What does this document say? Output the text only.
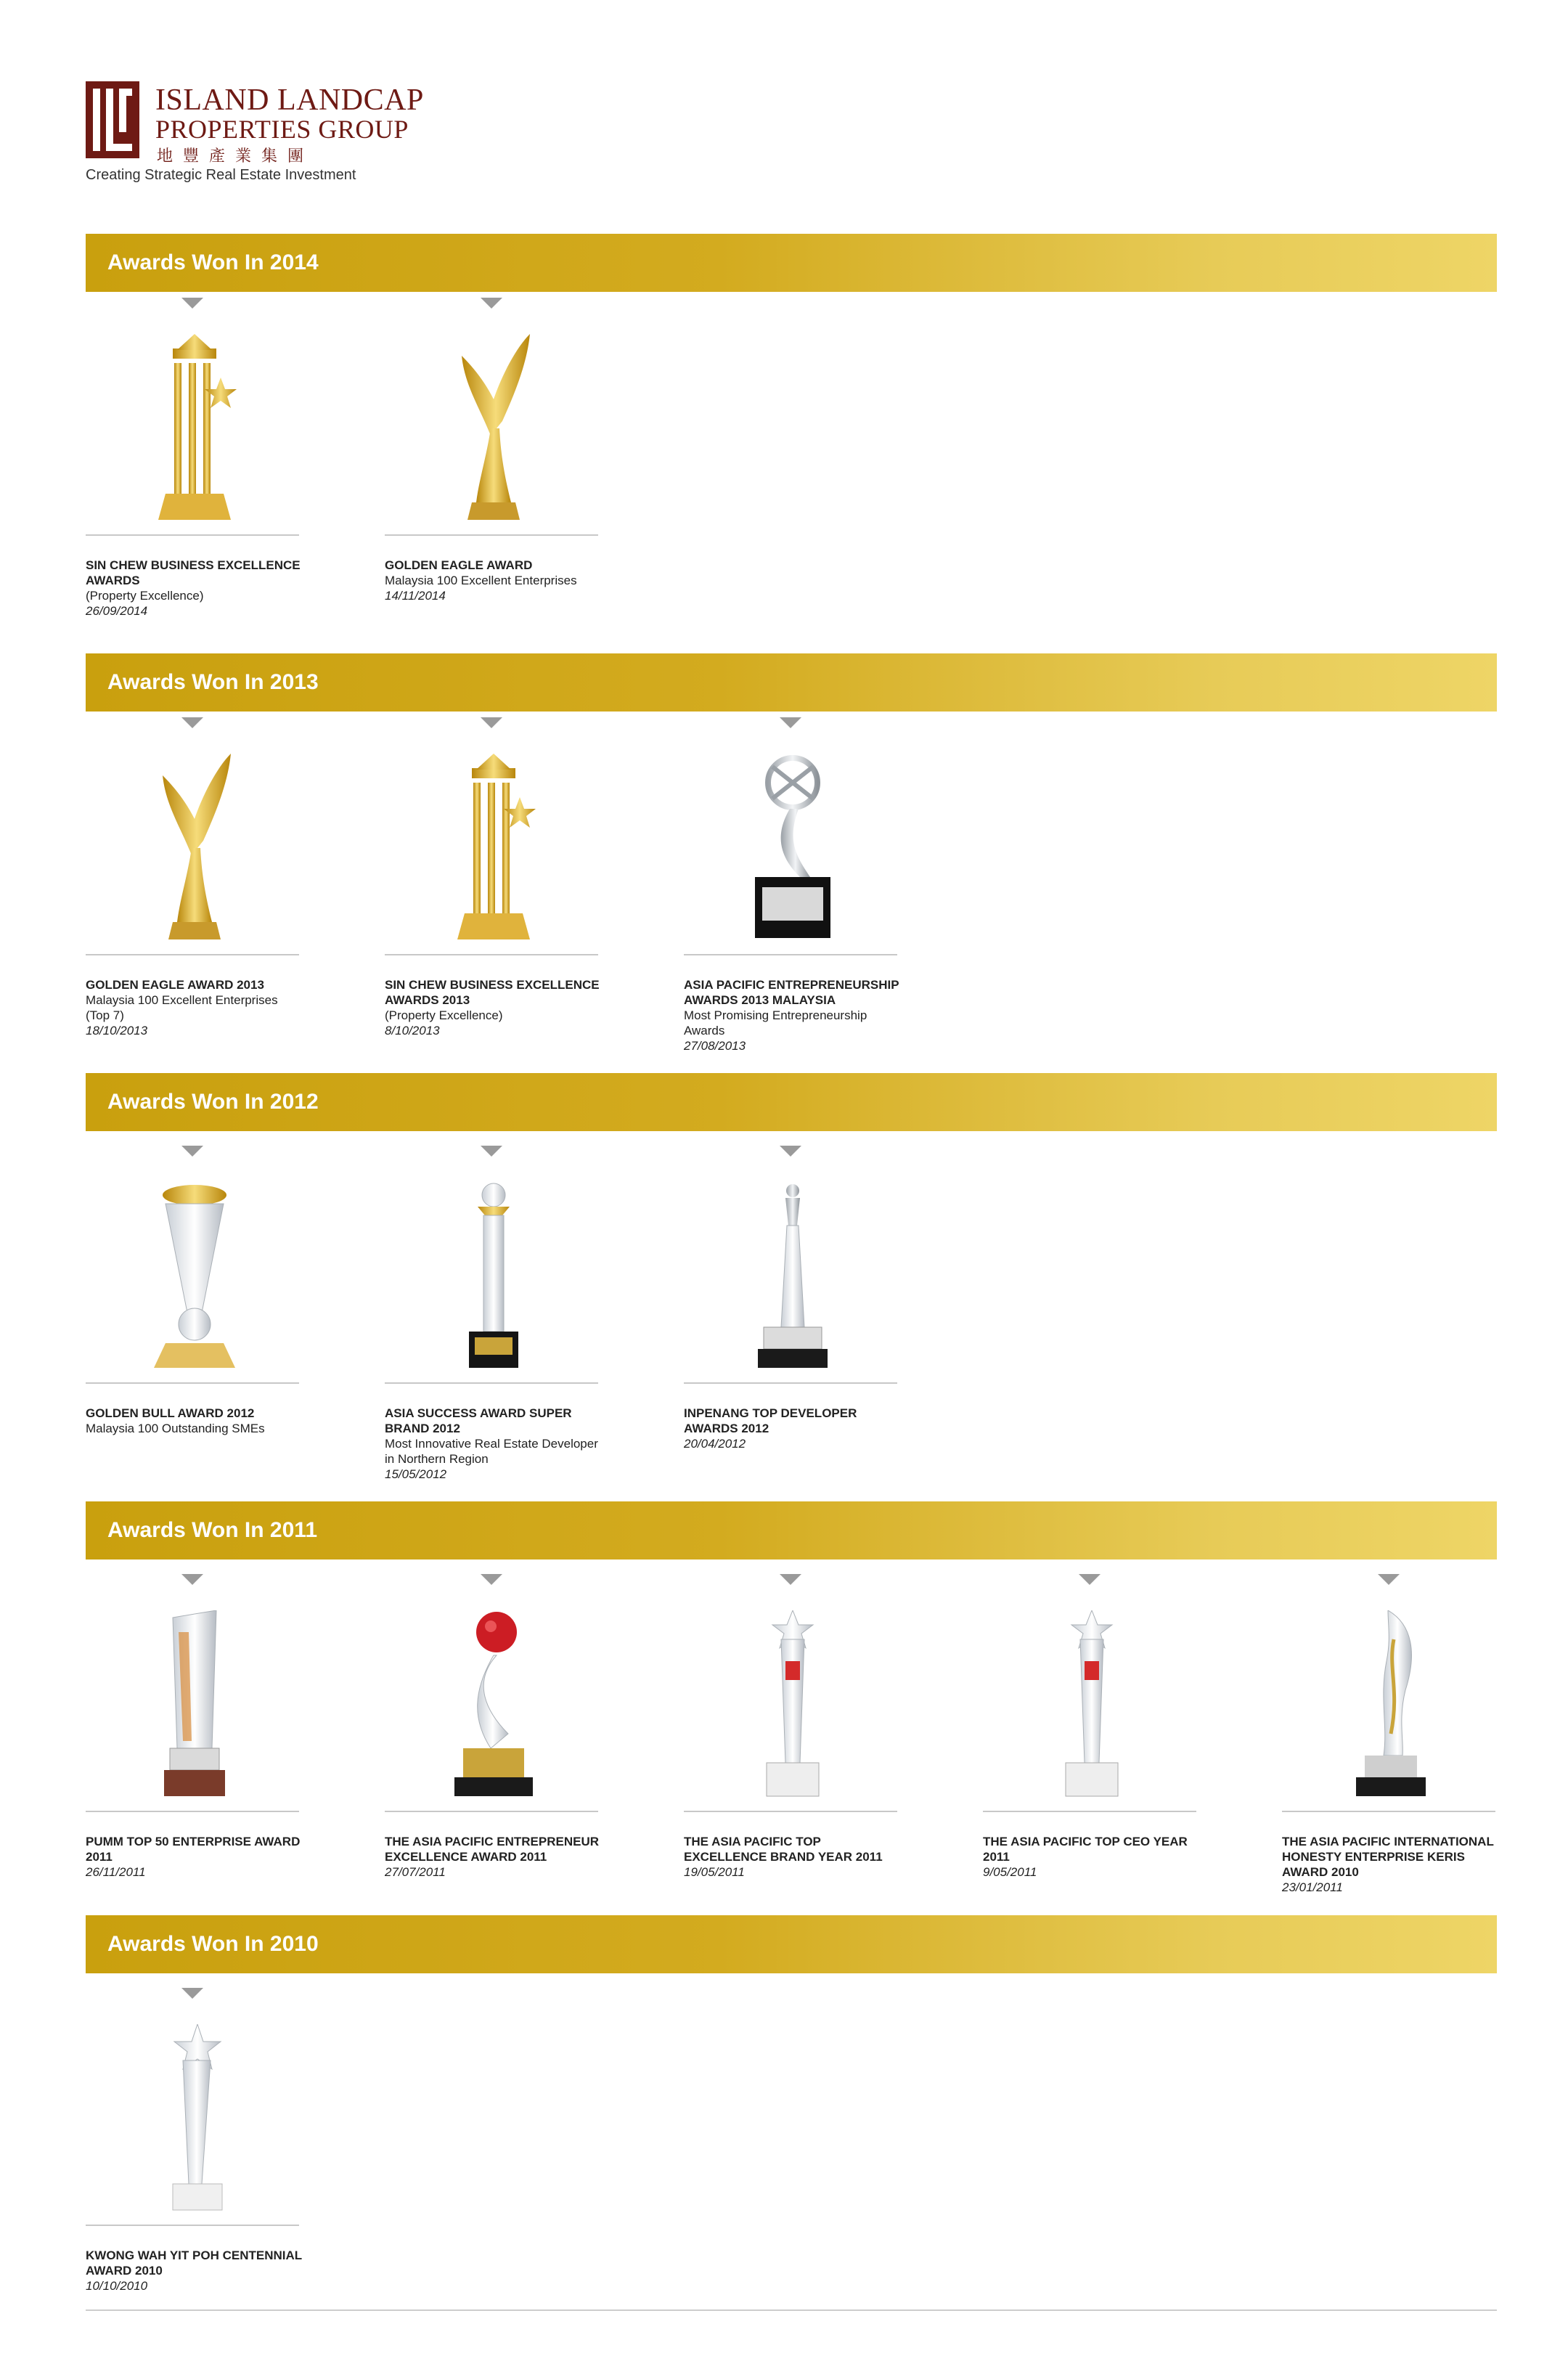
ISLAND LANDCAP
PROPERTIES GROUP
地豐產業集團
Creating Strategic Real Estate Investment
Awards Won In 2014
Awards Won In 2013
Awards Won In 2012
Awards Won In 2011
Awards Won In 2010
SIN CHEW BUSINESS EXCELLENCE AWARDS
(Property Excellence)
26/09/2014
GOLDEN EAGLE AWARD
Malaysia 100 Excellent Enterprises
14/11/2014
GOLDEN EAGLE AWARD 2013
Malaysia 100 Excellent Enterprises (Top 7)
18/10/2013
SIN CHEW BUSINESS EXCELLENCE AWARDS 2013
(Property Excellence)
8/10/2013
ASIA PACIFIC ENTREPRENEURSHIP AWARDS 2013 MALAYSIA
Most Promising Entrepreneurship Awards
27/08/2013
GOLDEN BULL AWARD 2012
Malaysia 100 Outstanding SMEs
ASIA SUCCESS AWARD SUPER BRAND 2012
Most Innovative Real Estate Developer in Northern Region
15/05/2012
INPENANG TOP DEVELOPER AWARDS 2012
20/04/2012
PUMM TOP 50 ENTERPRISE AWARD 2011
26/11/2011
THE ASIA PACIFIC ENTREPRENEUR EXCELLENCE AWARD 2011
27/07/2011
THE ASIA PACIFIC TOP EXCELLENCE BRAND YEAR 2011
19/05/2011
THE ASIA PACIFIC TOP CEO YEAR 2011
9/05/2011
THE ASIA PACIFIC INTERNATIONAL HONESTY ENTERPRISE KERIS AWARD 2010
23/01/2011
KWONG WAH YIT POH CENTENNIAL AWARD 2010
10/10/2010
